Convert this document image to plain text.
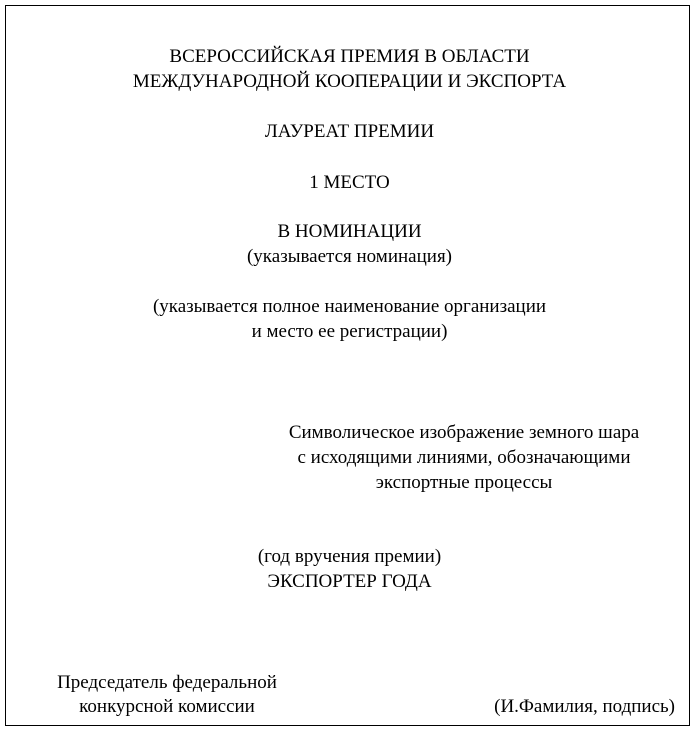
ВСЕРОССИЙСКАЯ ПРЕМИЯ В ОБЛАСТИ
МЕЖДУНАРОДНОЙ КООПЕРАЦИИ И ЭКСПОРТА
ЛАУРЕАТ ПРЕМИИ
1 МЕСТО
В НОМИНАЦИИ
(указывается номинация)
(указывается полное наименование организации
и место ее регистрации)
Символическое изображение земного шара
с исходящими линиями, обозначающими
экспортные процессы
(год вручения премии)
ЭКСПОРТЕР ГОДА
Председатель федеральной
конкурсной комиссии	(И.Фамилия, подпись)
